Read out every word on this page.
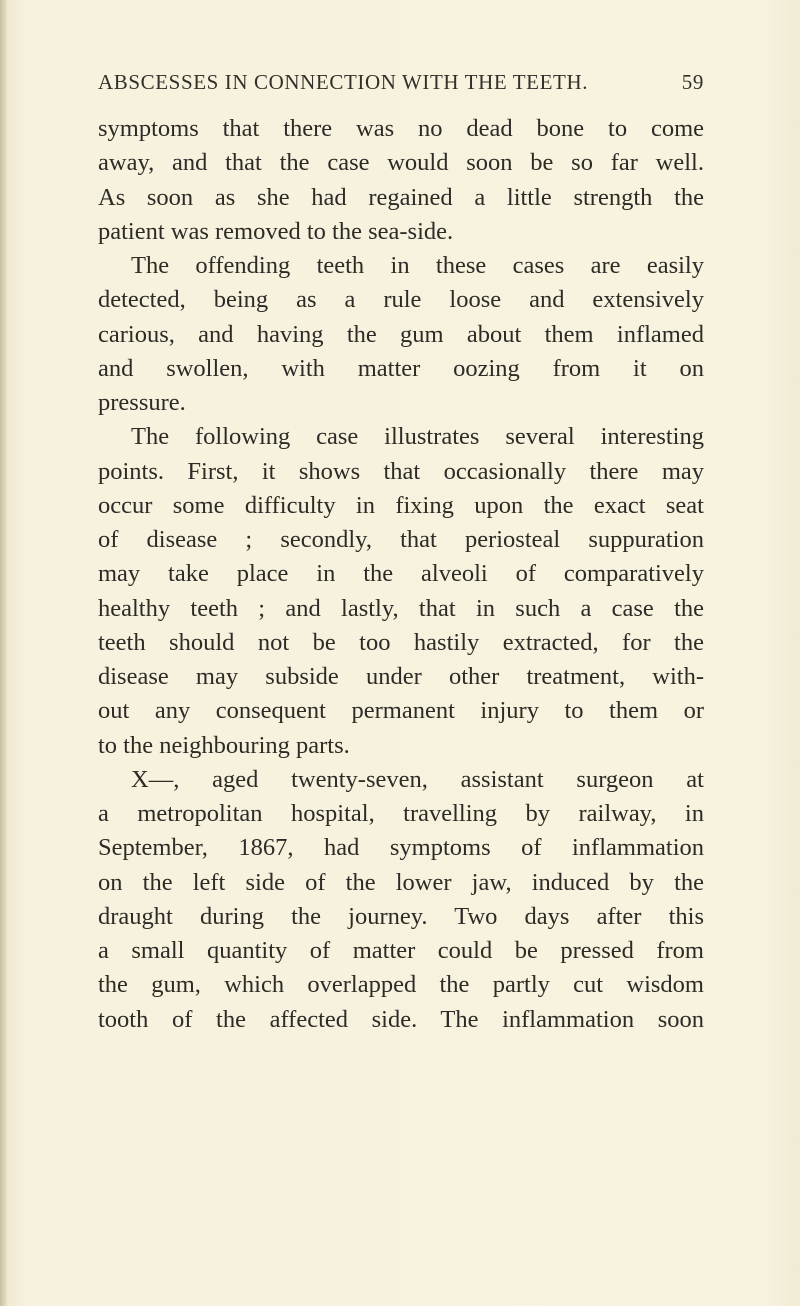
ABSCESSES IN CONNECTION WITH THE TEETH.	59
symptoms that there was no dead bone to come
away, and that the case would soon be so far well.
As soon as she had regained a little strength the
patient was removed to the sea-side.
The offending teeth in these cases are easily
detected, being as a rule loose and extensively
carious, and having the gum about them inflamed
and swollen, with matter oozing from it on
pressure.
The following case illustrates several interesting
points. First, it shows that occasionally there may
occur some difficulty in fixing upon the exact seat
of disease ; secondly, that periosteal suppuration
may take place in the alveoli of comparatively
healthy teeth ; and lastly, that in such a case the
teeth should not be too hastily extracted, for the
disease may subside under other treatment, with-
out any consequent permanent injury to them or
to the neighbouring parts.
X—, aged twenty-seven, assistant surgeon at
a metropolitan hospital, travelling by railway, in
September, 1867, had symptoms of inflammation
on the left side of the lower jaw, induced by the
draught during the journey. Two days after this
a small quantity of matter could be pressed from
the gum, which overlapped the partly cut wisdom
tooth of the affected side. The inflammation soon
